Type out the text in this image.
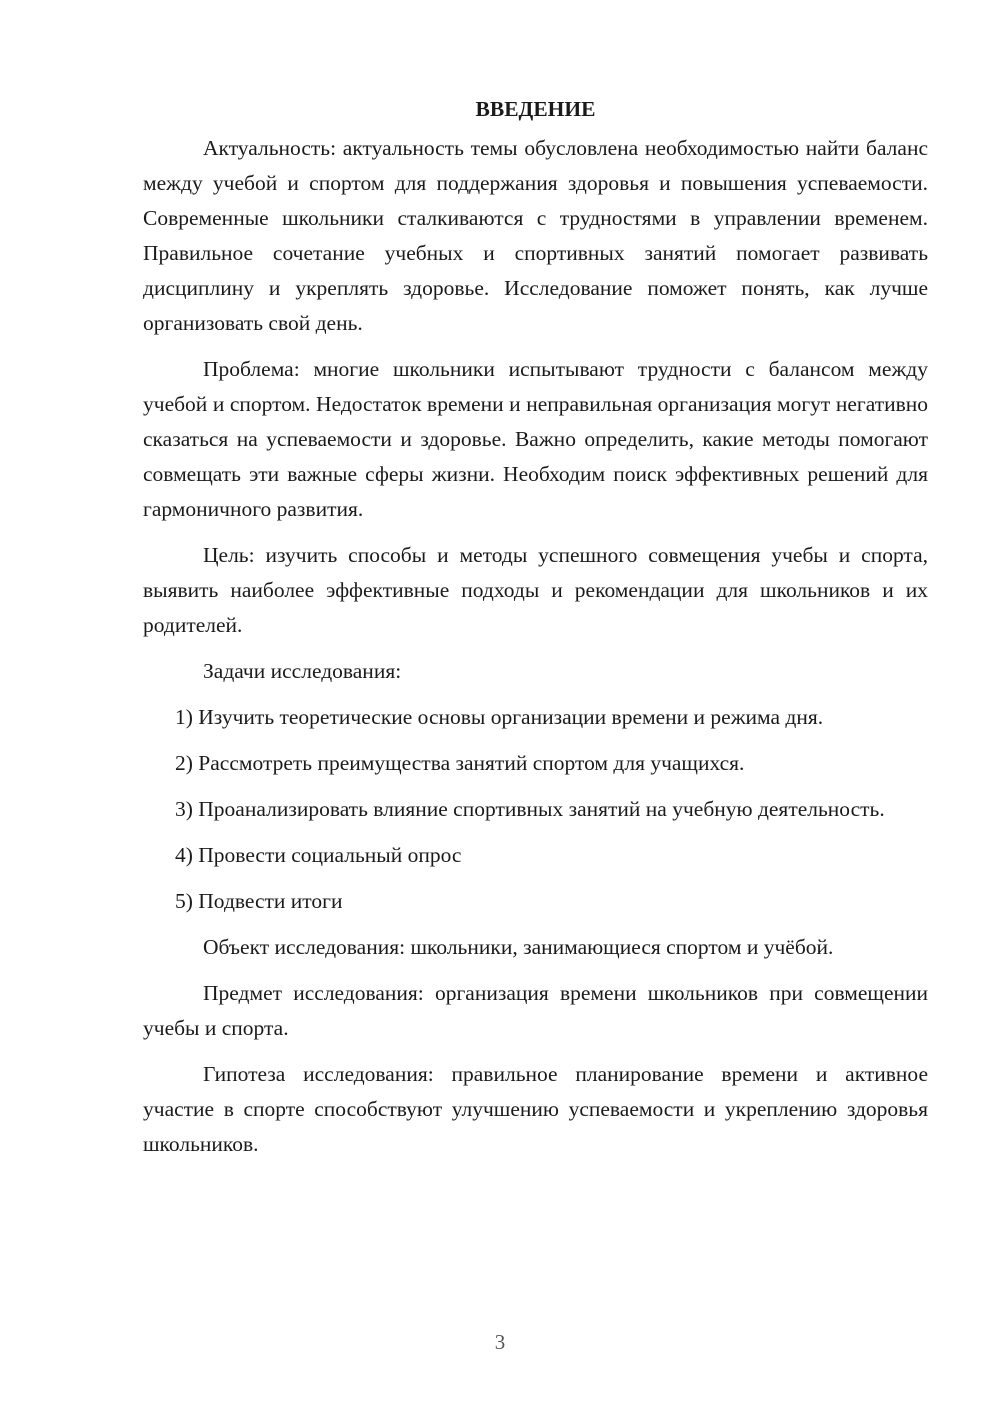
ВВЕДЕНИЕ

Актуальность: актуальность темы обусловлена необходимостью найти баланс между учебой и спортом для поддержания здоровья и повышения успеваемости. Современные школьники сталкиваются с трудностями в управлении временем. Правильное сочетание учебных и спортивных занятий помогает развивать дисциплину и укреплять здоровье. Исследование поможет понять, как лучше организовать свой день.

Проблема: многие школьники испытывают трудности с балансом между учебой и спортом. Недостаток времени и неправильная организация могут негативно сказаться на успеваемости и здоровье. Важно определить, какие методы помогают совмещать эти важные сферы жизни. Необходим поиск эффективных решений для гармоничного развития.

Цель: изучить способы и методы успешного совмещения учебы и спорта, выявить наиболее эффективные подходы и рекомендации для школьников и их родителей.

Задачи исследования:

1) Изучить теоретические основы организации времени и режима дня.

2) Рассмотреть преимущества занятий спортом для учащихся.

3) Проанализировать влияние спортивных занятий на учебную деятельность.

4) Провести социальный опрос

5) Подвести итоги

Объект исследования: школьники, занимающиеся спортом и учёбой.

Предмет исследования: организация времени школьников при совмещении учебы и спорта.

Гипотеза исследования: правильное планирование времени и активное участие в спорте способствуют улучшению успеваемости и укреплению здоровья школьников.

3
